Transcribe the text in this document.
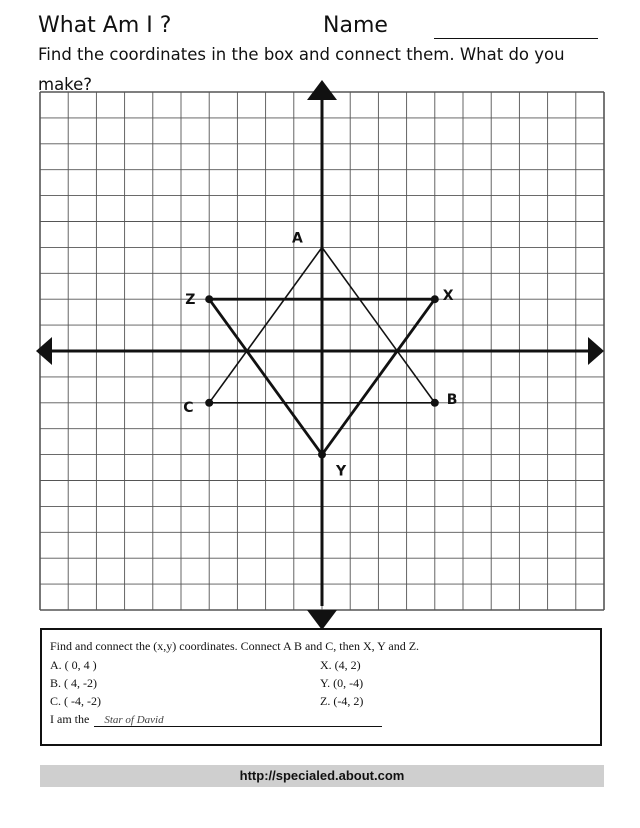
What Am I ?	Name
Find the coordinates in the box and connect them. What do you make?
A
B
C
X
Y
Z
Find and connect the (x,y) coordinates. Connect A B and C, then X, Y and Z.
A. ( 0, 4 )
B. ( 4, -2)
C. ( -4, -2)
X. (4, 2)
Y. (0, -4)
Z. (-4, 2)
I am the Star of David
http://specialed.about.com
